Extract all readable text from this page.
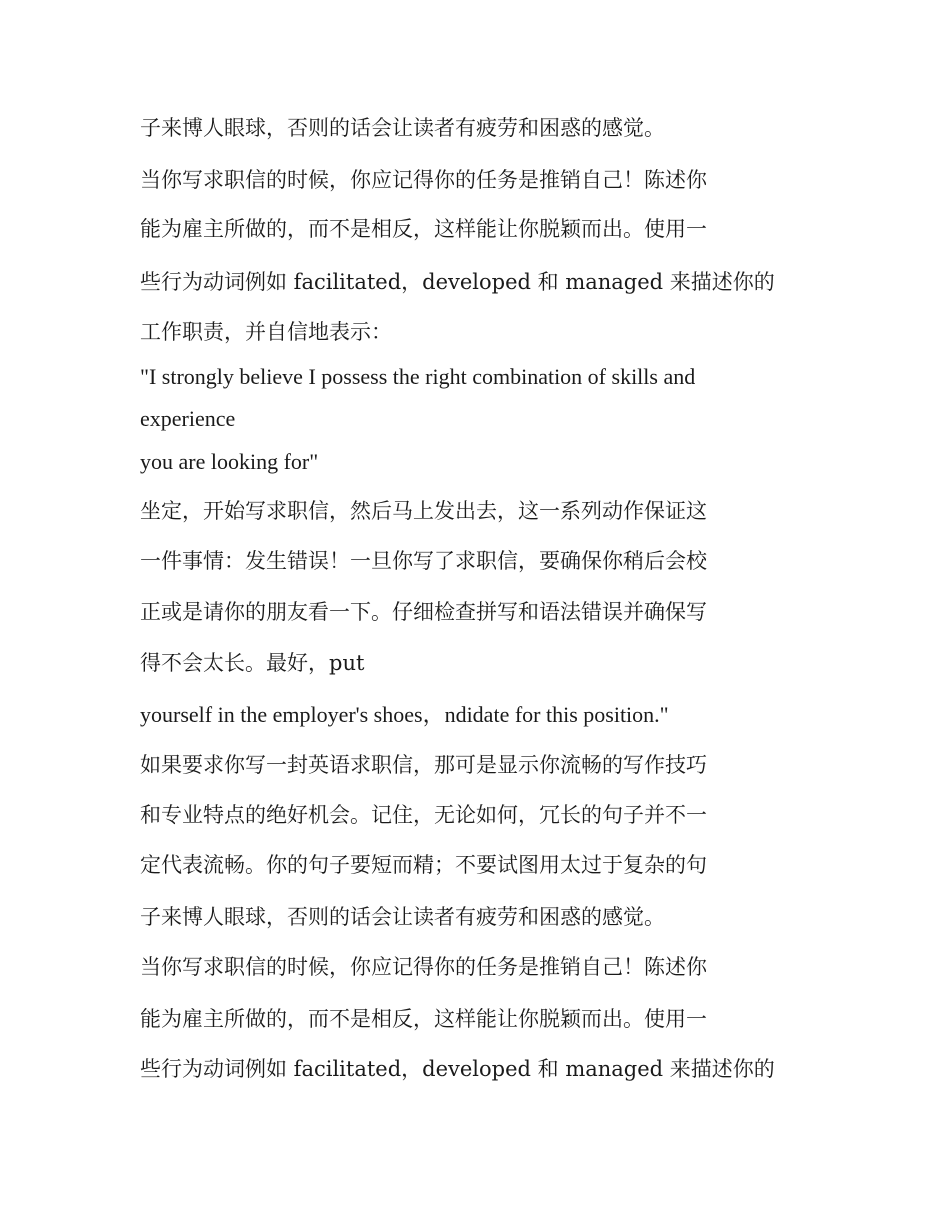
子来博人眼球，否则的话会让读者有疲劳和困惑的感觉。
当你写求职信的时候，你应记得你的任务是推销自己！陈述你
能为雇主所做的，而不是相反，这样能让你脱颖而出。使用一
些行为动词例如 facilitated，developed 和 managed 来描述你的
工作职责，并自信地表示：
"I strongly believe I possess the right combination of skills and
experience
you are looking for"
坐定，开始写求职信，然后马上发出去，这一系列动作保证这
一件事情：发生错误！一旦你写了求职信，要确保你稍后会校
正或是请你的朋友看一下。仔细检查拼写和语法错误并确保写
得不会太长。最好，put
yourself in the employer's shoes，ndidate for this position."
如果要求你写一封英语求职信，那可是显示你流畅的写作技巧
和专业特点的绝好机会。记住，无论如何，冗长的句子并不一
定代表流畅。你的句子要短而精；不要试图用太过于复杂的句
子来博人眼球，否则的话会让读者有疲劳和困惑的感觉。
当你写求职信的时候，你应记得你的任务是推销自己！陈述你
能为雇主所做的，而不是相反，这样能让你脱颖而出。使用一
些行为动词例如 facilitated，developed 和 managed 来描述你的
